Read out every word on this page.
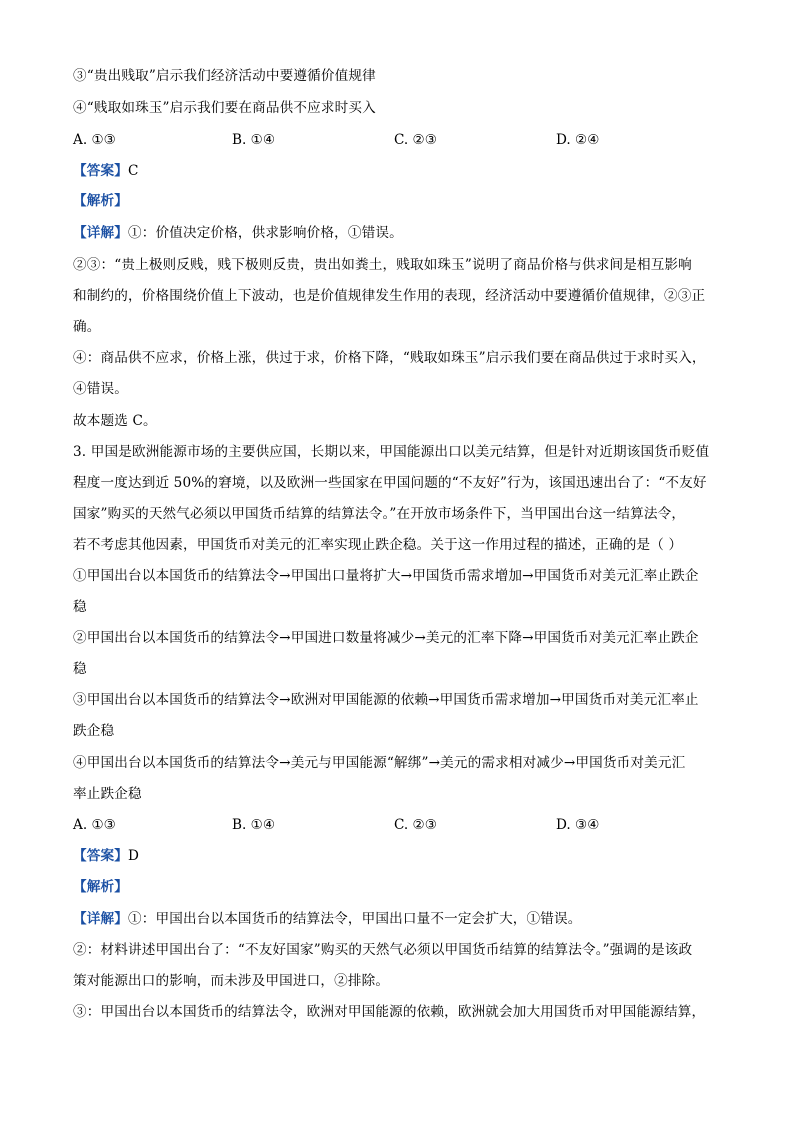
③“贵出贱取”启示我们经济活动中要遵循价值规律
④“贱取如珠玉”启示我们要在商品供不应求时买入
A. ①③	B. ①④	C. ②③	D. ②④
【答案】C
【解析】
【详解】①：价值决定价格，供求影响价格，①错误。
②③：“贵上极则反贱，贱下极则反贵，贵出如粪土，贱取如珠玉”说明了商品价格与供求间是相互影响
和制约的，价格围绕价值上下波动，也是价值规律发生作用的表现，经济活动中要遵循价值规律，②③正
确。
④：商品供不应求，价格上涨，供过于求，价格下降，“贱取如珠玉”启示我们要在商品供过于求时买入，
④错误。
故本题选 C。
3. 甲国是欧洲能源市场的主要供应国，长期以来，甲国能源出口以美元结算，但是针对近期该国货币贬值
程度一度达到近 50%的窘境，以及欧洲一些国家在甲国问题的“不友好”行为，该国迅速出台了：“不友好
国家”购买的天然气必须以甲国货币结算的结算法令。”在开放市场条件下，当甲国出台这一结算法令，
若不考虑其他因素，甲国货币对美元的汇率实现止跌企稳。关于这一作用过程的描述，正确的是（ ）
①甲国出台以本国货币的结算法令→甲国出口量将扩大→甲国货币需求增加→甲国货币对美元汇率止跌企
稳
②甲国出台以本国货币的结算法令→甲国进口数量将减少→美元的汇率下降→甲国货币对美元汇率止跌企
稳
③甲国出台以本国货币的结算法令→欧洲对甲国能源的依赖→甲国货币需求增加→甲国货币对美元汇率止
跌企稳
④甲国出台以本国货币的结算法令→美元与甲国能源“解绑”→美元的需求相对减少→甲国货币对美元汇
率止跌企稳
A. ①③	B. ①④	C. ②③	D. ③④
【答案】D
【解析】
【详解】①：甲国出台以本国货币的结算法令，甲国出口量不一定会扩大，①错误。
②：材料讲述甲国出台了：“不友好国家”购买的天然气必须以甲国货币结算的结算法令。”强调的是该政
策对能源出口的影响，而未涉及甲国进口，②排除。
③：甲国出台以本国货币的结算法令，欧洲对甲国能源的依赖，欧洲就会加大用国货币对甲国能源结算，
